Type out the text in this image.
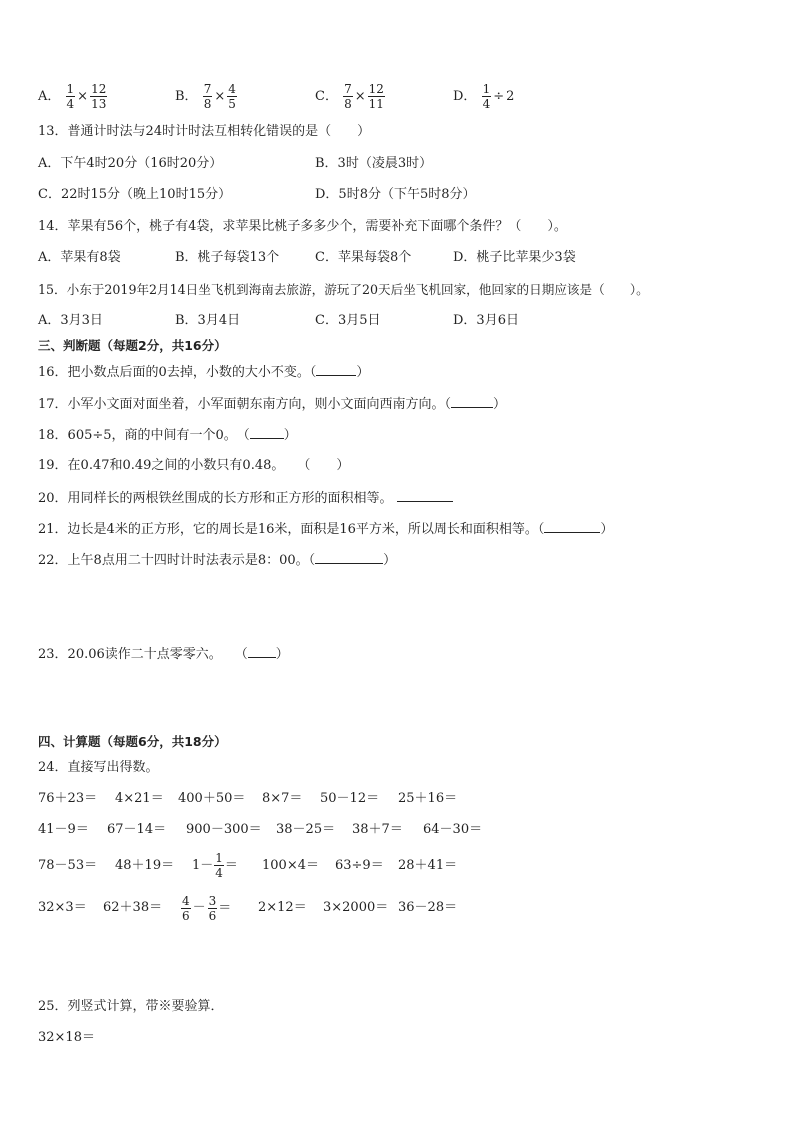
A． $\frac{1}{4} \times \frac{12}{13}$	B． $\frac{7}{8} \times \frac{4}{5}$	C． $\frac{7}{8} \times \frac{12}{11}$	D． $\frac{1}{4} \div 2$
13．普通计时法与24时计时法互相转化错误的是（　　）
A．下午4时20分（16时20分）	B．3时（凌晨3时）
C．22时15分（晚上10时15分）	D．5时8分（下午5时8分）
14．苹果有56个，桃子有4袋，求苹果比桃子多多少个，需要补充下面哪个条件？（　　）。
A．苹果有8袋	B．桃子每袋13个	C．苹果每袋8个	D．桃子比苹果少3袋
15．小东于2019年2月14日坐飞机到海南去旅游，游玩了20天后坐飞机回家，他回家的日期应该是（　　）。
A．3月3日	B．3月4日	C．3月5日	D．3月6日
三、判断题（每题2分，共16分）
16．把小数点后面的0去掉，小数的大小不变。（	）
17．小军小文面对面坐着，小军面朝东南方向，则小文面向西南方向。（	）
18．605÷5，商的中间有一个0。　（	）
19．在0.47和0.49之间的小数只有0.48。　　（　　）
20．用同样长的两根铁丝围成的长方形和正方形的面积相等。
21．边长是4米的正方形，它的周长是16米，面积是16平方米，所以周长和面积相等。（	）
22．上午8点用二十四时计时法表示是8：00。（	）
23．20.06读作二十点零零六。　　（ ）
四、计算题（每题6分，共18分）
24．直接写出得数。
76＋23＝ 4×21＝ 400＋50＝ 8×7＝ 50－12＝ 25＋16＝
41－9＝ 67－14＝ 900－300＝ 38－25＝ 38＋7＝ 64－30＝
$78-53= 48+19= 1- \frac{1}{4} = 100\times 4= 63\div 9= 28+41=$
$32\times 3= 62+38= \frac{4}{6} - \frac{3}{6} = 2\times 12= 3\times 2000= 36-28=$
25．列竖式计算，带※要验算．
32×18＝
